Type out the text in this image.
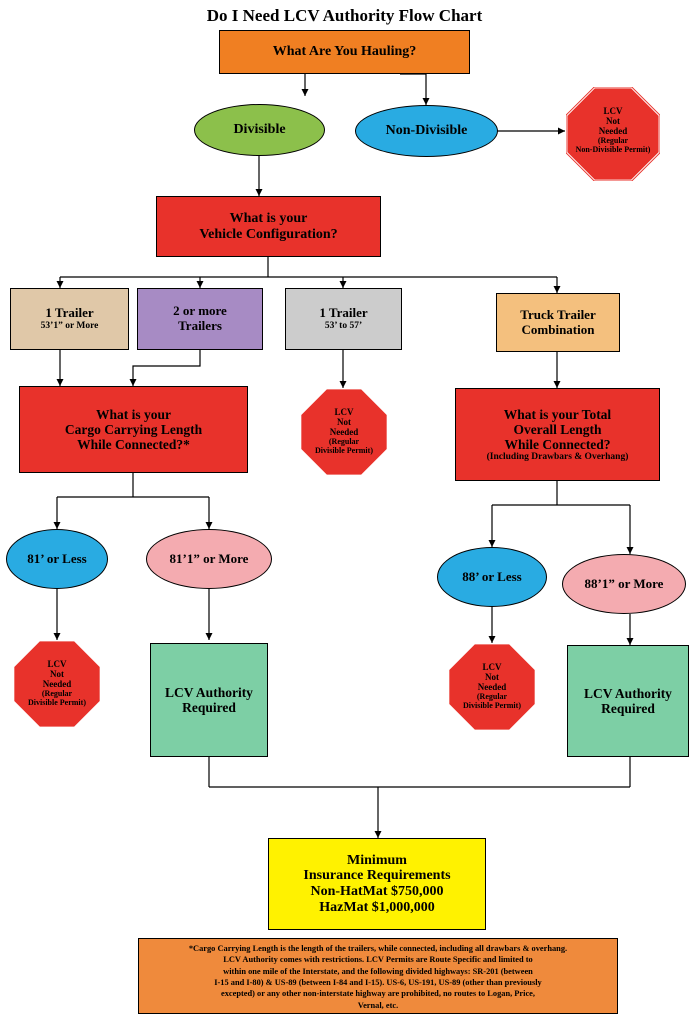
Do I Need LCV Authority Flow Chart
What Are You Hauling?
Divisible	Non-Divisible
LCV
Not
Needed
(Regular
Non-Divisible Permit)
What is your
Vehicle Configuration?
1 Trailer
53’1” or More
2 or more
Trailers
1 Trailer
53’ to 57’
Truck Trailer
Combination
What is your
Cargo Carrying Length
While Connected?*
LCV
Not
Needed
(Regular
Divisible Permit)
What is your Total
Overall Length
While Connected?
(Including Drawbars & Overhang)
81’ or Less	81’1” or More
88’ or Less	88’1” or More
LCV
Not
Needed
(Regular
Divisible Permit)
LCV Authority
Required
LCV
Not
Needed
(Regular
Divisible Permit)
LCV Authority
Required
Minimum
Insurance Requirements
Non-HatMat $750,000
HazMat $1,000,000
*Cargo Carrying Length is the length of the trailers, while connected, including all drawbars & overhang.
LCV Authority comes with restrictions. LCV Permits are Route Specific and limited to
within one mile of the Interstate, and the following divided highways: SR-201 (between
I-15 and I-80) & US-89 (between I-84 and I-15). US-6, US-191, US-89 (other than previously
excepted) or any other non-interstate highway are prohibited, no routes to Logan, Price,
Vernal, etc.
